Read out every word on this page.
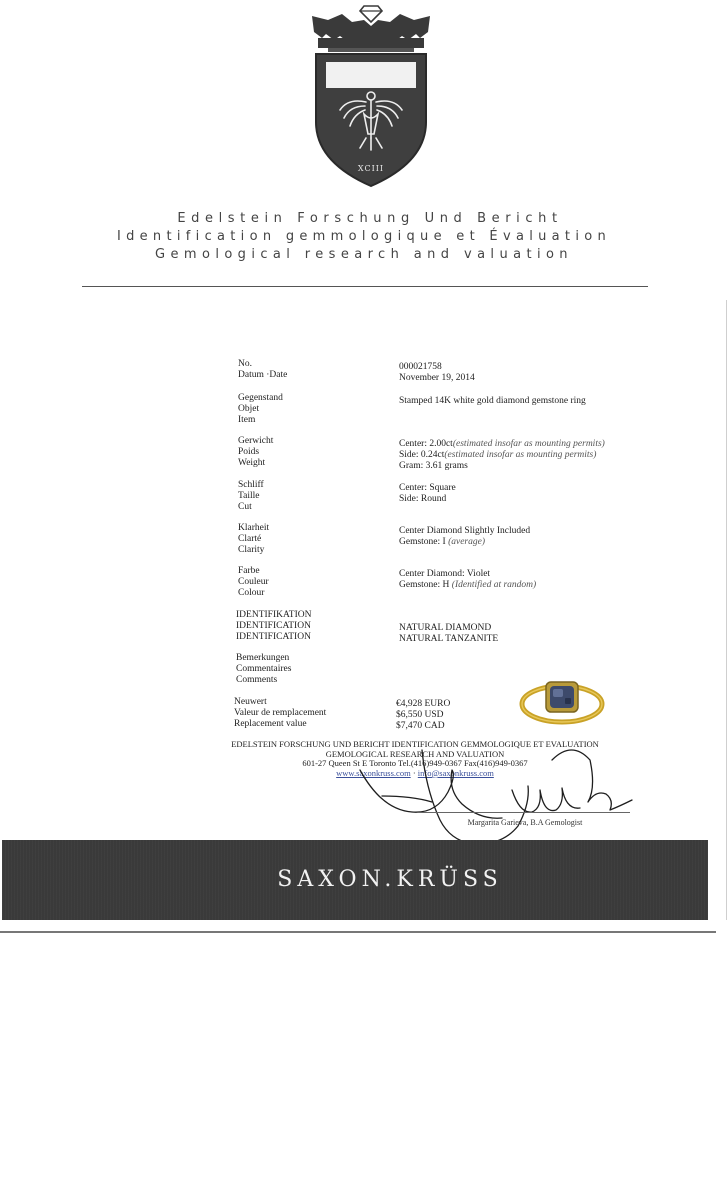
XCIII
Edelstein Forschung Und Bericht
Identification gemmologique et Évaluation
Gemological research and valuation
No.
Datum ·Date
000021758
November 19, 2014
Gegenstand
Objet
Item
Stamped 14K white gold diamond gemstone ring
Gerwicht
Poids
Weight
Center: 2.00ct(estimated insofar as mounting permits)
Side: 0.24ct(estimated insofar as mounting permits)
Gram: 3.61 grams
Schliff
Taille
Cut
Center: Square
Side: Round
Klarheit
Clarté
Clarity
Center Diamond Slightly Included
Gemstone: I (average)
Farbe
Couleur
Colour
Center Diamond: Violet
Gemstone: H (Identified at random)
IDENTIFIKATION
IDENTIFICATION
IDENTIFICATION
NATURAL DIAMOND
NATURAL TANZANITE
Bemerkungen
Commentaires
Comments
Neuwert
Valeur de remplacement
Replacement value
€4,928 EURO
$6,550 USD
$7,470 CAD
EDELSTEIN FORSCHUNG UND BERICHT IDENTIFICATION GEMMOLOGIQUE ET EVALUATION
GEMOLOGICAL RESEARCH AND VALUATION
601-27 Queen St E Toronto Tel.(416)949-0367 Fax(416)949-0367
www.saxonkruss.com · info@saxonkruss.com
Margarita Garieva, B.A Gemologist
SAXON.KRÜSS
